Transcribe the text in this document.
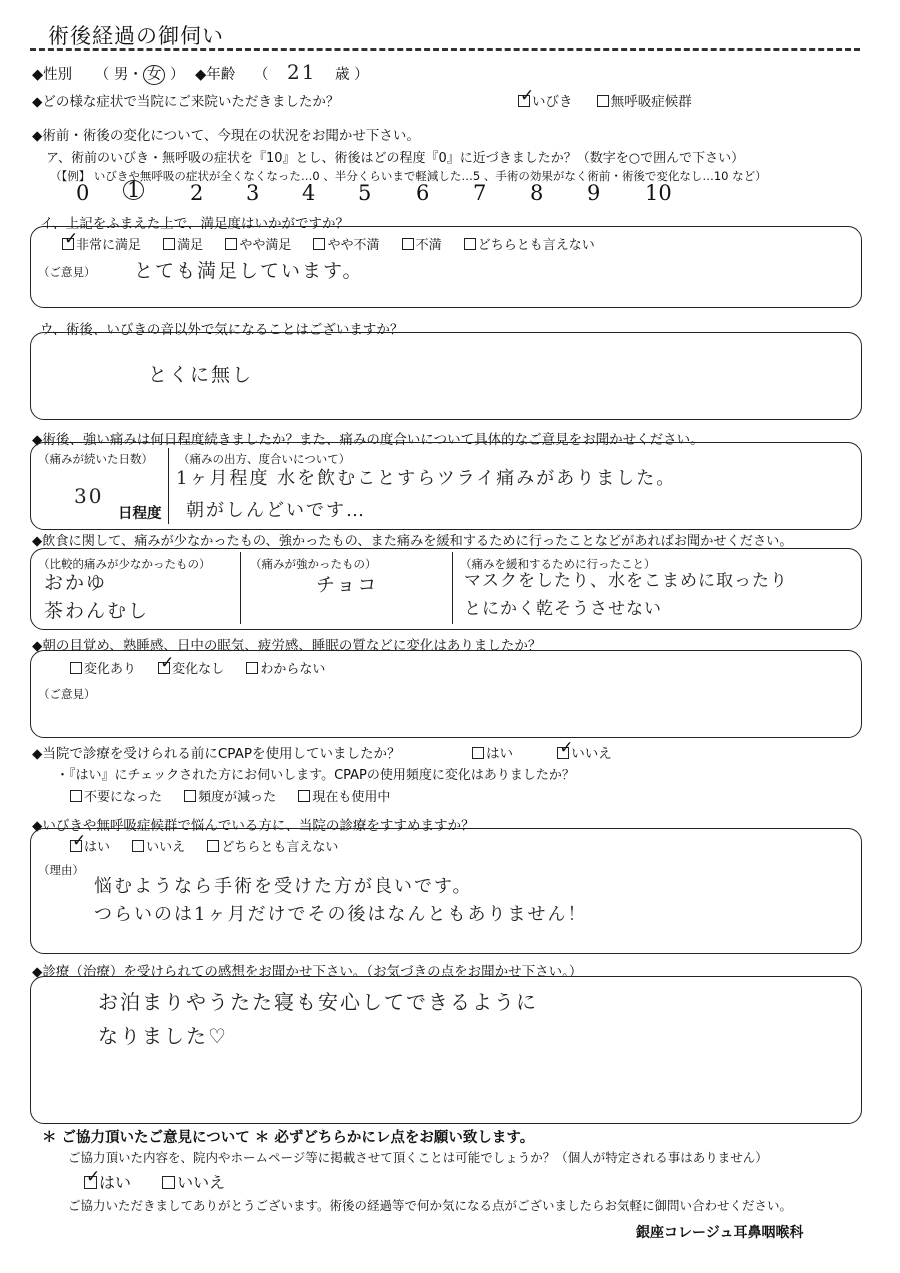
術後経過の御伺い
◆性別 （ 男・ 女 ） ◆年齢 （ 21 歳 ）
◆どの様な症状で当院にご来院いただきましたか？ ✓	いびき	無呼吸症候群
◆術前・術後の変化について、今現在の状況をお聞かせ下さい。
ア、術前のいびき・無呼吸の症状を『10』とし、術後はどの程度『0』に近づきましたか？（数字を○で囲んで下さい）
（【例】 いびきや無呼吸の症状が全くなくなった…0 、半分くらいまで軽減した…5 、手術の効果がなく術前・術後で変化なし…10 など）
0 1 2 3 4 5 6 7 8 9 10
イ、上記をふまえた上で、満足度はいかがですか？
✓非常に満足	満足	やや満足	やや不満	不満	どちらとも言えない
（ご意見） とても満足しています。
ウ、術後、いびきの音以外で気になることはございますか？
とくに無し
◆術後、強い痛みは何日程度続きましたか？また、痛みの度合いについて具体的なご意見をお聞かせください。
（痛みが続いた日数）
30
日程度
（痛みの出方、度合いについて）
1ヶ月程度 水を飲むことすらツライ痛みがありました。
朝がしんどいです…
◆飲食に関して、痛みが少なかったもの、強かったもの、また痛みを緩和するために行ったことなどがあればお聞かせください。
（比較的痛みが少なかったもの）
おかゆ
茶わんむし
（痛みが強かったもの）
チョコ
（痛みを緩和するために行ったこと）
マスクをしたり、水をこまめに取ったり
とにかく乾そうさせない
◆朝の目覚め、熟睡感、日中の眠気、疲労感、睡眠の質などに変化はありましたか？
変化あり ✓	変化なし	わからない
（ご意見）
◆当院で診療を受けられる前にCPAPを使用していましたか？	はい ✓	いいえ
・『はい』にチェックされた方にお伺いします。CPAPの使用頻度に変化はありましたか？
不要になった	頻度が減った	現在も使用中
◆いびきや無呼吸症候群で悩んでいる方に、当院の診療をすすめますか？
✓はい	いいえ	どちらとも言えない
（理由）
悩むようなら手術を受けた方が良いです。
つらいのは1ヶ月だけでその後はなんともありません！
◆診療（治療）を受けられての感想をお聞かせ下さい。（お気づきの点をお聞かせ下さい。）
お泊まりやうたた寝も安心してできるように
なりました♡
＊ ご協力頂いたご意見について ＊ 必ずどちらかにレ点をお願い致します。
ご協力頂いた内容を、院内やホームページ等に掲載させて頂くことは可能でしょうか？（個人が特定される事はありません）
✓はい	いいえ
ご協力いただきましてありがとうございます。術後の経過等で何か気になる点がございましたらお気軽に御問い合わせください。
銀座コレージュ耳鼻咽喉科
